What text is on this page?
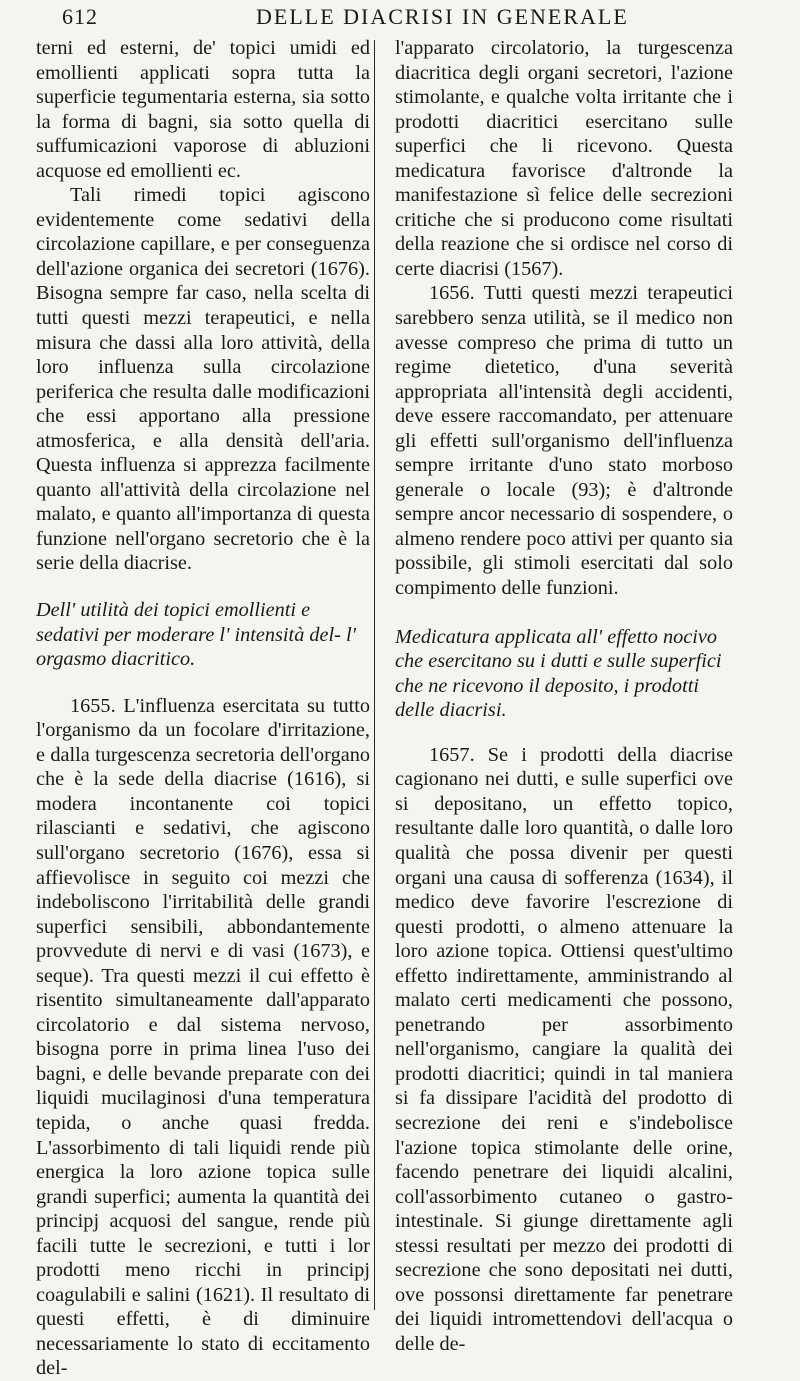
612	DELLE DIACRISI IN GENERALE

terni ed esterni, de' topici umidi ed emollienti applicati sopra tutta la superficie tegumentaria esterna, sia sotto la forma di bagni, sia sotto quella di suffumicazioni vaporose di abluzioni acquose ed emollienti ec.

Tali rimedi topici agiscono evidentemente come sedativi della circolazione capillare, e per conseguenza dell'azione organica dei secretori (1676). Bisogna sempre far caso, nella scelta di tutti questi mezzi terapeutici, e nella misura che dassi alla loro attività, della loro influenza sulla circolazione periferica che resulta dalle modificazioni che essi apportano alla pressione atmosferica, e alla densità dell'aria. Questa influenza si apprezza facilmente quanto all'attività della circolazione nel malato, e quanto all'importanza di questa funzione nell'organo secretorio che è la serie della diacrise.

Dell' utilità dei topici emollienti e sedativi per moderare l' intensità del- l' orgasmo diacritico.

1655. L'influenza esercitata su tutto l'organismo da un focolare d'irritazione, e dalla turgescenza secretoria dell'organo che è la sede della diacrise (1616), si modera incontanente coi topici rilascianti e sedativi, che agiscono sull'organo secretorio (1676), essa si affievolisce in seguito coi mezzi che indeboliscono l'irritabilità delle grandi superfici sensibili, abbondantemente provvedute di nervi e di vasi (1673), e seque). Tra questi mezzi il cui effetto è risentito simultaneamente dall'apparato circolatorio e dal sistema nervoso, bisogna porre in prima linea l'uso dei bagni, e delle bevande preparate con dei liquidi mucilaginosi d'una temperatura tepida, o anche quasi fredda. L'assorbimento di tali liquidi rende più energica la loro azione topica sulle grandi superfici; aumenta la quantità dei principj acquosi del sangue, rende più facili tutte le secrezioni, e tutti i lor prodotti meno ricchi in principj coagulabili e salini (1621). Il resultato di questi effetti, è di diminuire necessariamente lo stato di eccitamento del-

l'apparato circolatorio, la turgescenza diacritica degli organi secretori, l'azione stimolante, e qualche volta irritante che i prodotti diacritici esercitano sulle superfici che li ricevono. Questa medicatura favorisce d'altronde la manifestazione sì felice delle secrezioni critiche che si producono come risultati della reazione che si ordisce nel corso di certe diacrisi (1567).

1656. Tutti questi mezzi terapeutici sarebbero senza utilità, se il medico non avesse compreso che prima di tutto un regime dietetico, d'una severità appropriata all'intensità degli accidenti, deve essere raccomandato, per attenuare gli effetti sull'organismo dell'influenza sempre irritante d'uno stato morboso generale o locale (93); è d'altronde sempre ancor necessario di sospendere, o almeno rendere poco attivi per quanto sia possibile, gli stimoli esercitati dal solo compimento delle funzioni.

Medicatura applicata all' effetto nocivo che esercitano su i dutti e sulle superfici che ne ricevono il deposito, i prodotti delle diacrisi.

1657. Se i prodotti della diacrise cagionano nei dutti, e sulle superfici ove si depositano, un effetto topico, resultante dalle loro quantità, o dalle loro qualità che possa divenir per questi organi una causa di sofferenza (1634), il medico deve favorire l'escrezione di questi prodotti, o almeno attenuare la loro azione topica. Ottiensi quest'ultimo effetto indirettamente, amministrando al malato certi medicamenti che possono, penetrando per assorbimento nell'organismo, cangiare la qualità dei prodotti diacritici; quindi in tal maniera si fa dissipare l'acidità del prodotto di secrezione dei reni e s'indebolisce l'azione topica stimolante delle orine, facendo penetrare dei liquidi alcalini, coll'assorbimento cutaneo o gastro-intestinale. Si giunge direttamente agli stessi resultati per mezzo dei prodotti di secrezione che sono depositati nei dutti, ove possonsi direttamente far penetrare dei liquidi intromettendovi dell'acqua o delle de-
